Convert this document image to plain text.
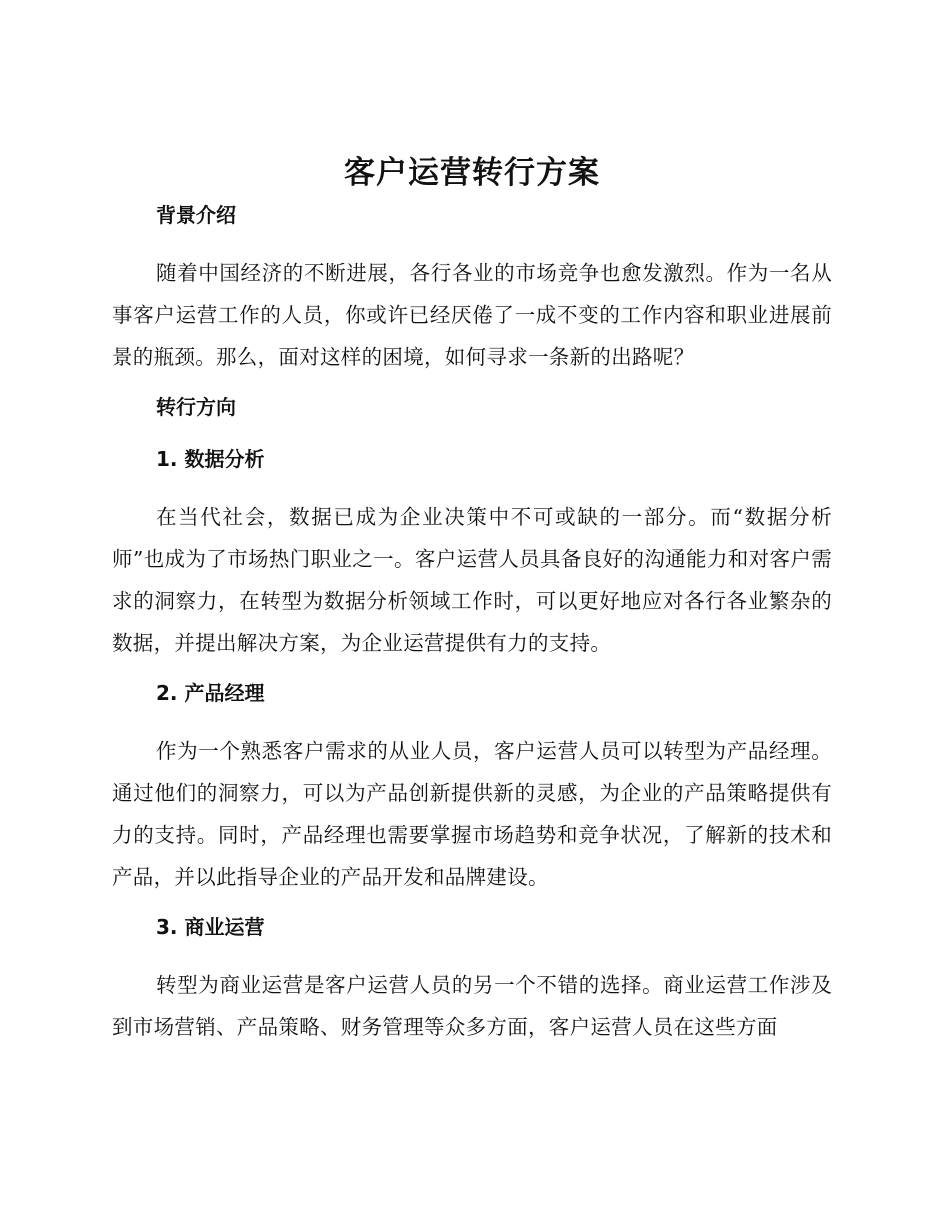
客户运营转行方案
背景介绍

随着中国经济的不断进展，各行各业的市场竞争也愈发激烈。作为一名从事客户运营工作的人员，你或许已经厌倦了一成不变的工作内容和职业进展前景的瓶颈。那么，面对这样的困境，如何寻求一条新的出路呢？

转行方向
1. 数据分析

在当代社会，数据已成为企业决策中不可或缺的一部分。而“数据分析师”也成为了市场热门职业之一。客户运营人员具备良好的沟通能力和对客户需求的洞察力，在转型为数据分析领域工作时，可以更好地应对各行各业繁杂的数据，并提出解决方案，为企业运营提供有力的支持。

2. 产品经理

作为一个熟悉客户需求的从业人员，客户运营人员可以转型为产品经理。通过他们的洞察力，可以为产品创新提供新的灵感，为企业的产品策略提供有力的支持。同时，产品经理也需要掌握市场趋势和竞争状况，了解新的技术和产品，并以此指导企业的产品开发和品牌建设。

3. 商业运营

转型为商业运营是客户运营人员的另一个不错的选择。商业运营工作涉及到市场营销、产品策略、财务管理等众多方面，客户运营人员在这些方面
